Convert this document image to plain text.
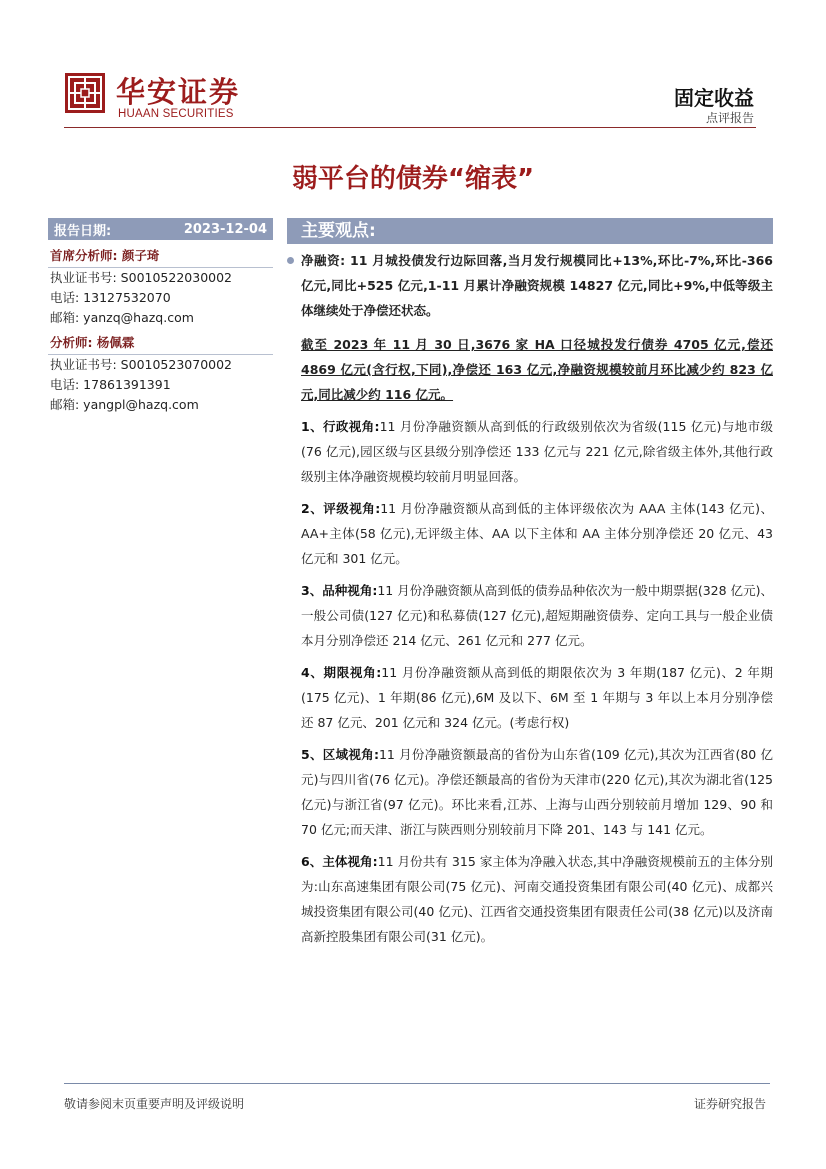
华安证券
HUAAN SECURITIES
固定收益
点评报告
弱平台的债券“缩表”
报告日期:	2023-12-04
首席分析师: 颜子琦
执业证书号: S0010522030002
电话: 13127532070
邮箱: yanzq@hazq.com
分析师: 杨佩霖
执业证书号: S0010523070002
电话: 17861391391
邮箱: yangpl@hazq.com
主要观点:
净融资: 11 月城投债发行边际回落,当月发行规模同比+13%,环比-7%,环比-366 亿元,同比+525 亿元,1-11 月累计净融资规模 14827 亿元,同比+9%,中低等级主体继续处于净偿还状态。
截至 2023 年 11 月 30 日,3676 家 HA 口径城投发行债券 4705 亿元,偿还 4869 亿元(含行权,下同),净偿还 163 亿元,净融资规模较前月环比减少约 823 亿元,同比减少约 116 亿元。
1、行政视角:11 月份净融资额从高到低的行政级别依次为省级(115 亿元)与地市级(76 亿元),园区级与区县级分别净偿还 133 亿元与 221 亿元,除省级主体外,其他行政级别主体净融资规模均较前月明显回落。
2、评级视角:11 月份净融资额从高到低的主体评级依次为 AAA 主体(143 亿元)、 AA+主体(58 亿元),无评级主体、AA 以下主体和 AA 主体分别净偿还 20 亿元、43 亿元和 301 亿元。
3、品种视角:11 月份净融资额从高到低的债券品种依次为一般中期票据(328 亿元)、一般公司债(127 亿元)和私募债(127 亿元),超短期融资债券、定向工具与一般企业债本月分别净偿还 214 亿元、261 亿元和 277 亿元。
4、期限视角:11 月份净融资额从高到低的期限依次为 3 年期(187 亿元)、2 年期(175 亿元)、1 年期(86 亿元),6M 及以下、6M 至 1 年期与 3 年以上本月分别净偿还 87 亿元、201 亿元和 324 亿元。(考虑行权)
5、区域视角:11 月份净融资额最高的省份为山东省(109 亿元),其次为江西省(80 亿元)与四川省(76 亿元)。净偿还额最高的省份为天津市(220 亿元),其次为湖北省(125 亿元)与浙江省(97 亿元)。环比来看,江苏、上海与山西分别较前月增加 129、90 和 70 亿元;而天津、浙江与陕西则分别较前月下降 201、143 与 141 亿元。
6、主体视角:11 月份共有 315 家主体为净融入状态,其中净融资规模前五的主体分别为:山东高速集团有限公司(75 亿元)、河南交通投资集团有限公司(40 亿元)、成都兴城投资集团有限公司(40 亿元)、江西省交通投资集团有限责任公司(38 亿元)以及济南高新控股集团有限公司(31 亿元)。
敬请参阅末页重要声明及评级说明	证券研究报告
